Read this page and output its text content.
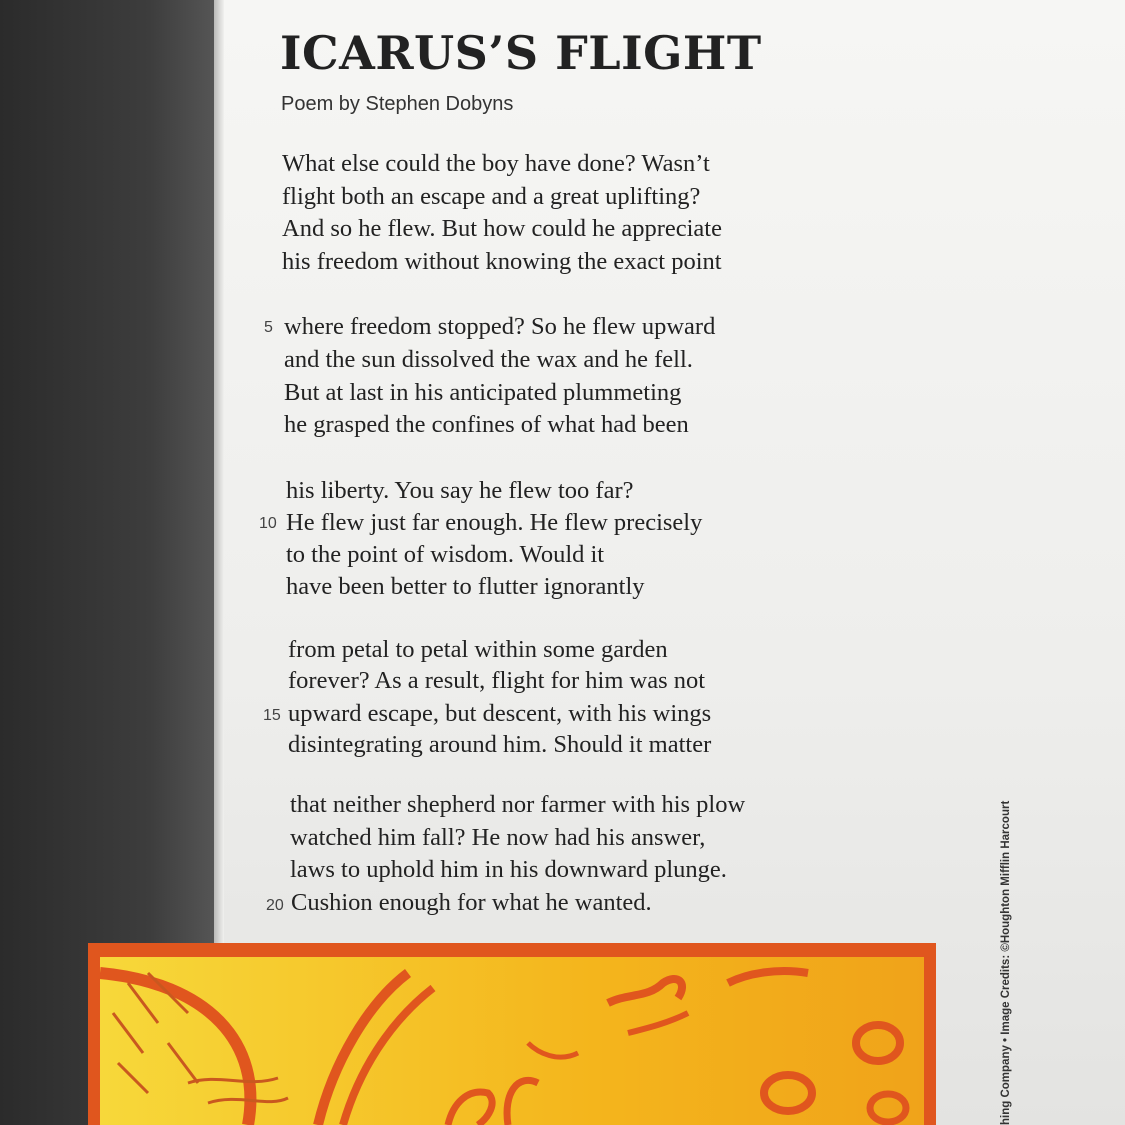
ICARUS’S FLIGHT
Poem by Stephen Dobyns
What else could the boy have done? Wasn’t
flight both an escape and a great uplifting?
And so he flew. But how could he appreciate
his freedom without knowing the exact point
5 where freedom stopped? So he flew upward
and the sun dissolved the wax and he fell.
But at last in his anticipated plummeting
he grasped the confines of what had been
his liberty. You say he flew too far?
10 He flew just far enough. He flew precisely
to the point of wisdom. Would it
have been better to flutter ignorantly
from petal to petal within some garden
forever? As a result, flight for him was not
15 upward escape, but descent, with his wings
disintegrating around him. Should it matter
that neither shepherd nor farmer with his plow
watched him fall? He now had his answer,
laws to uphold him in his downward plunge.
20 Cushion enough for what he wanted.	hing Company • Image Credits: ©Houghton Mifflin Harcourt
